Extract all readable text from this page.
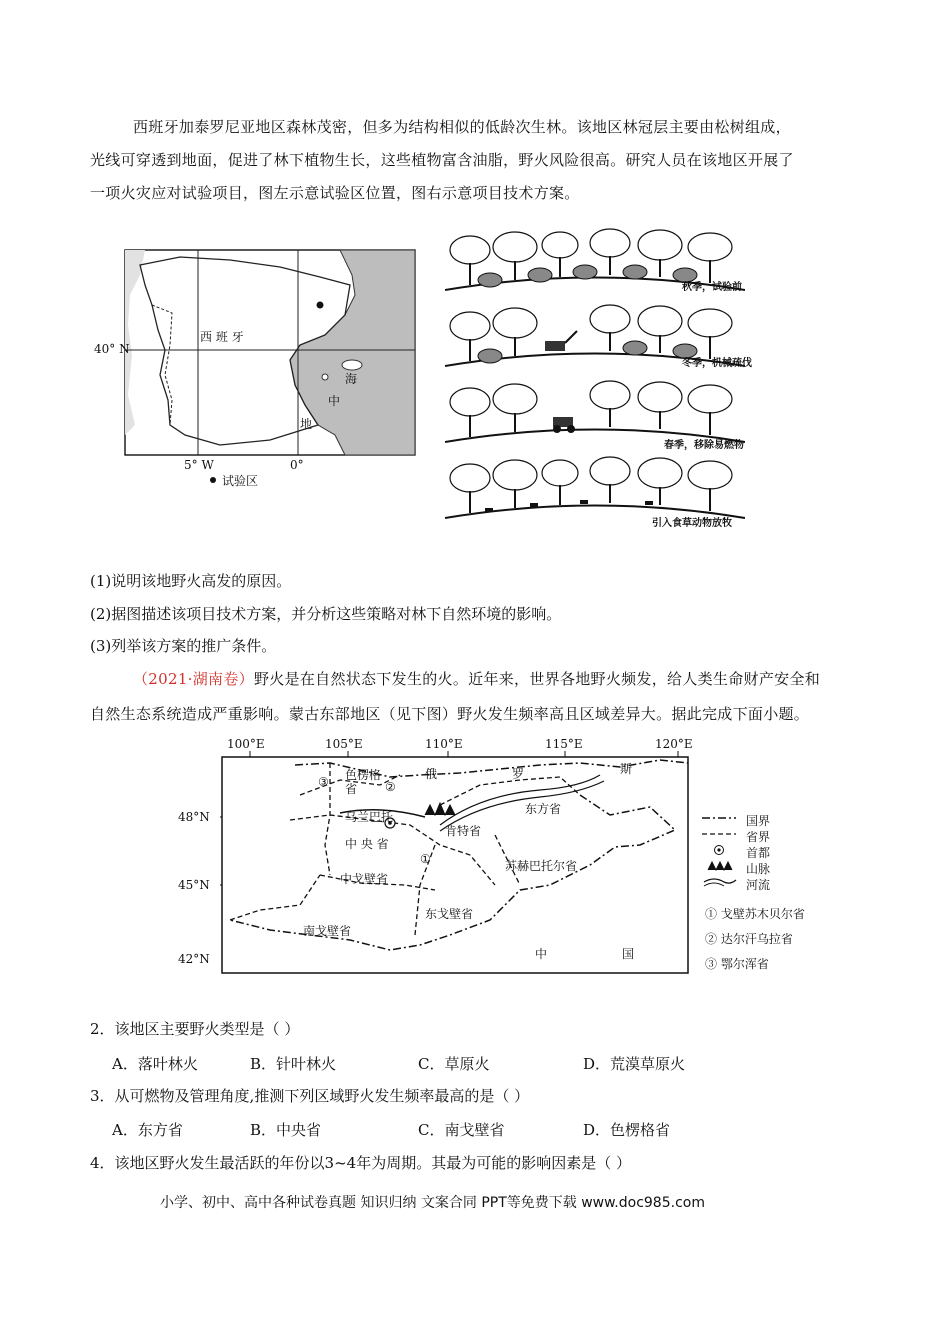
西班牙加泰罗尼亚地区森林茂密，但多为结构相似的低龄次生林。该地区林冠层主要由松树组成，
光线可穿透到地面，促进了林下植物生长，这些植物富含油脂，野火风险很高。研究人员在该地区开展了
一项火灾应对试验项目，图左示意试验区位置，图右示意项目技术方案。
西 班 牙
40° N
5° W	0°
海
中
地
试验区
秋季，试验前
冬季，机械疏伐
春季，移除易燃物
引入食草动物放牧
(1)说明该地野火高发的原因。
(2)据图描述该项目技术方案，并分析这些策略对林下自然环境的影响。
(3)列举该方案的推广条件。
（2021·湖南卷）野火是在自然状态下发生的火。近年来，世界各地野火频发，给人类生命财产安全和
自然生态系统造成严重影响。蒙古东部地区（见下图）野火发生频率高且区域差异大。据此完成下面小题。
100°E	105°E	110°E	115°E	120°E
48°N
45°N
42°N
俄	罗	斯
色楞格省
乌兰巴托
③	②
①
东方省
肯特省
中 央 省
苏赫巴托尔省
中戈壁省
东戈壁省
南戈壁省
中	国
国界
省界
首都
山脉
河流
① 戈壁苏木贝尔省
② 达尔汗乌拉省
③ 鄂尔浑省
2．该地区主要野火类型是（ ）
A．落叶林火	B．针叶林火	C．草原火	D．荒漠草原火
3．从可燃物及管理角度,推测下列区域野火发生频率最高的是（ ）
A．东方省	B．中央省	C．南戈壁省	D．色楞格省
4．该地区野火发生最活跃的年份以3~4年为周期。其最为可能的影响因素是（ ）
小学、初中、高中各种试卷真题 知识归纳 文案合同 PPT等免费下载 www.doc985.com
